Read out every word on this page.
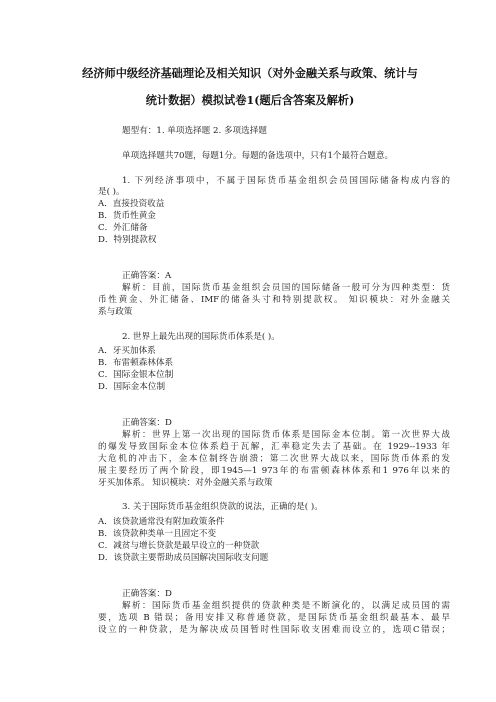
经济师中级经济基础理论及相关知识（对外金融关系与政策、统计与
统计数据）模拟试卷1(题后含答案及解析)
题型有：1. 单项选择题 2. 多项选择题
单项选择题共70题，每题1分。每题的备选项中，只有1个最符合题意。
1. 下列经济事项中，不属于国际货币基金组织会员国国际储备构成内容的
是( )。
A．直接投资收益
B．货币性黄金
C．外汇储备
D．特别提款权
正确答案：A
解析：目前，国际货币基金组织会员国的国际储备一般可分为四种类型：货
币性黄金、外汇储备、IMF的储备头寸和特别提款权。 知识模块：对外金融关
系与政策
2. 世界上最先出现的国际货币体系是( )。
A．牙买加体系
B．布雷顿森林体系
C．国际金银本位制
D．国际金本位制
正确答案：D
解析：世界上第一次出现的国际货币体系是国际金本位制。第一次世界大战
的爆发导致国际金本位体系趋于瓦解，汇率稳定失去了基础。在 1929--1933 年
大危机的冲击下，金本位制终告崩溃；第二次世界大战以来，国际货币体系的发
展主要经历了两个阶段，即1945—1 973年的布雷顿森林体系和1 976年以来的
牙买加体系。 知识模块：对外金融关系与政策
3. 关于国际货币基金组织贷款的说法，正确的是( )。
A．该贷款通常没有附加政策条件
B．该贷款种类单一且固定不变
C．减贫与增长贷款是最早设立的一种贷款
D．该贷款主要帮助成员国解决国际收支问题
正确答案：D
解析：国际货币基金组织提供的贷款种类是不断演化的，以满足成员国的需
要，选项 B 错误；备用安排又称普通贷款，是国际货币基金组织最基本、最早
设立的一种贷款，是为解决成员国暂时性国际收支困难而设立的，选项C错误；
